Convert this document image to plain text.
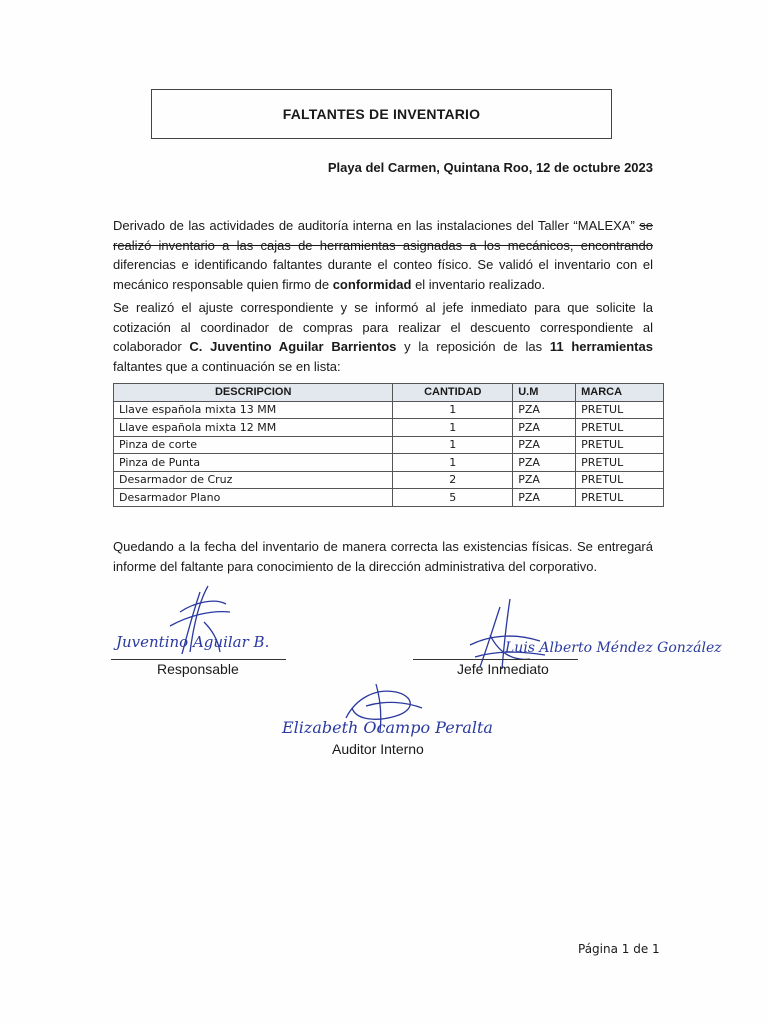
FALTANTES DE INVENTARIO
Playa del Carmen, Quintana Roo, 12 de octubre 2023
Derivado de las actividades de auditoría interna en las instalaciones del Taller “MALEXA” se realizó inventario a las cajas de herramientas asignadas a los mecánicos, encontrando diferencias e identificando faltantes durante el conteo físico. Se validó el inventario con el mecánico responsable quien firmo de conformidad el inventario realizado.
Se realizó el ajuste correspondiente y se informó al jefe inmediato para que solicite la cotización al coordinador de compras para realizar el descuento correspondiente al colaborador C. Juventino Aguilar Barrientos y la reposición de las 11 herramientas faltantes que a continuación se en lista:
DESCRIPCION	CANTIDAD	U.M	MARCA
Llave española mixta 13 MM	1	PZA	PRETUL
Llave española mixta 12 MM	1	PZA	PRETUL
Pinza de corte	1	PZA	PRETUL
Pinza de Punta	1	PZA	PRETUL
Desarmador de Cruz	2	PZA	PRETUL
Desarmador Plano	5	PZA	PRETUL
Quedando a la fecha del inventario de manera correcta las existencias físicas. Se entregará informe del faltante para conocimiento de la dirección administrativa del corporativo.
Juventino Aguilar B.
Responsable
Luis Alberto Méndez González
Jefe Inmediato
Elizabeth Ocampo Peralta
Auditor Interno
Página 1 de 1
